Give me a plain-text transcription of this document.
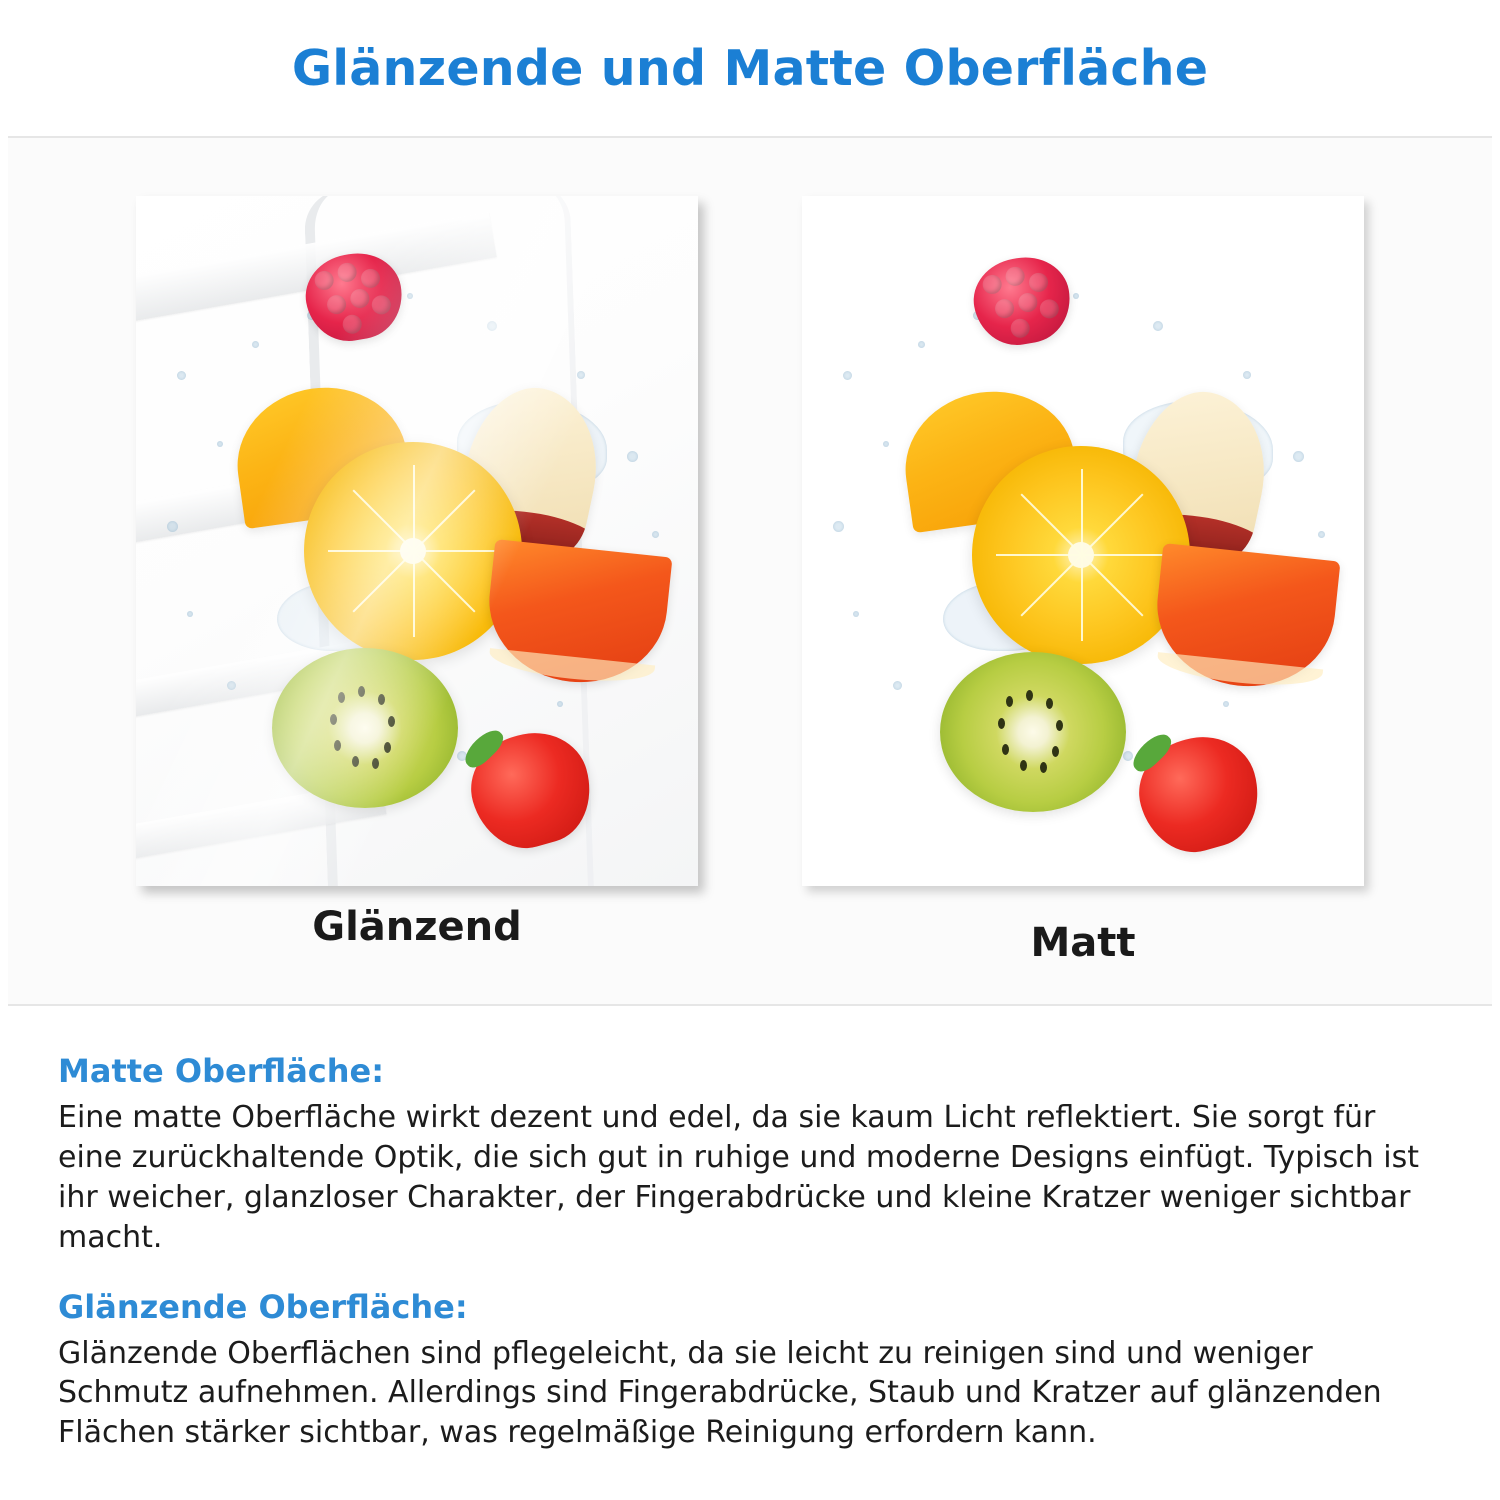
Glänzende und Matte Oberfläche
Glänzend	Matt
Matte Oberfläche:
Eine matte Oberfläche wirkt dezent und edel, da sie kaum Licht reflektiert. Sie sorgt für eine zurückhaltende Optik, die sich gut in ruhige und moderne Designs einfügt. Typisch ist ihr weicher, glanzloser Charakter, der Fingerabdrücke und kleine Kratzer weniger sichtbar macht.
Glänzende Oberfläche:
Glänzende Oberflächen sind pflegeleicht, da sie leicht zu reinigen sind und weniger Schmutz aufnehmen. Allerdings sind Fingerabdrücke, Staub und Kratzer auf glänzenden Flächen stärker sichtbar, was regelmäßige Reinigung erfordern kann.
